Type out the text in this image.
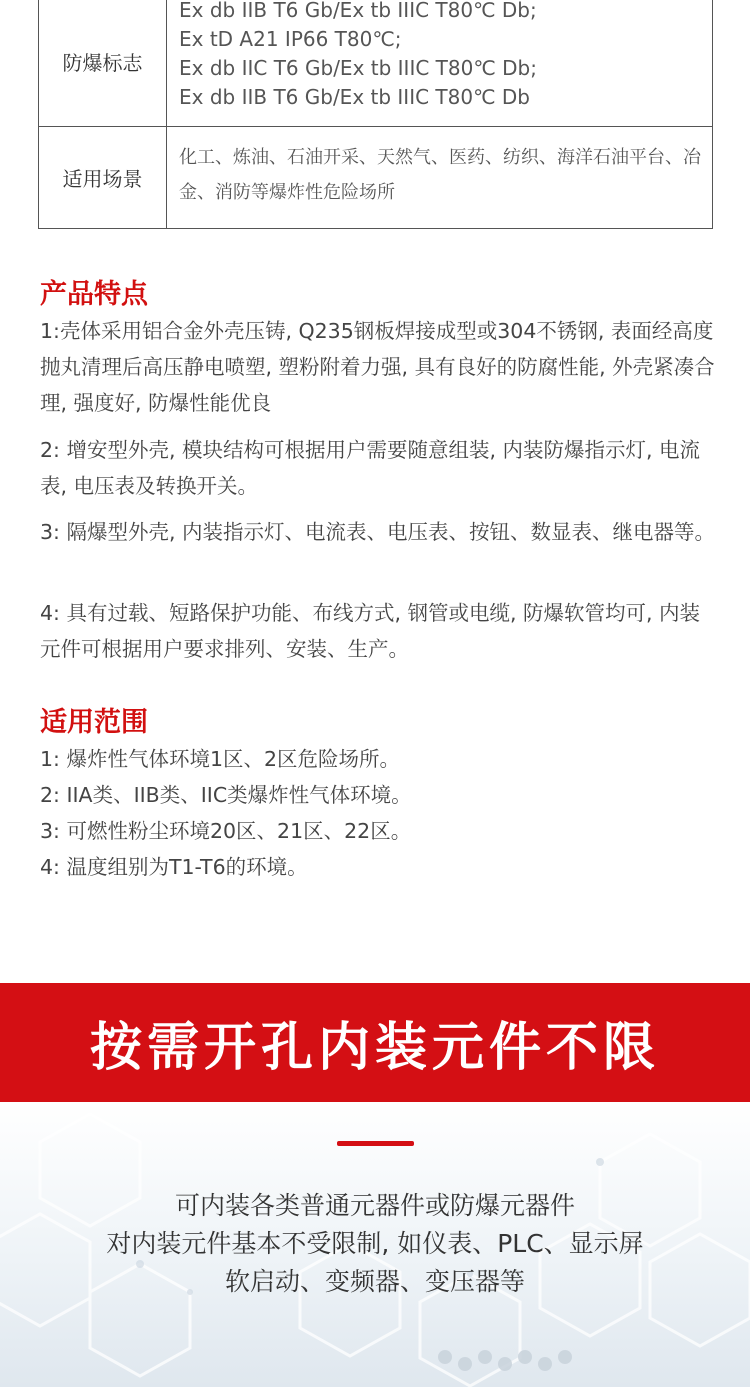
防爆标志
Ex db IIB T6 Gb/Ex tb IIIC T80℃ Db;
Ex tD A21 IP66 T80℃;
Ex db IIC T6 Gb/Ex tb IIIC T80℃ Db;
Ex db IIB T6 Gb/Ex tb IIIC T80℃ Db
适用场景
化工、炼油、石油开采、天然气、医药、纺织、海洋石油平台、冶金、消防等爆炸性危险场所
产品特点
1:壳体采用铝合金外壳压铸, Q235钢板焊接成型或304不锈钢, 表面经高度抛丸清理后高压静电喷塑, 塑粉附着力强, 具有良好的防腐性能, 外壳紧凑合理, 强度好, 防爆性能优良
2: 增安型外壳, 模块结构可根据用户需要随意组装, 内装防爆指示灯, 电流表, 电压表及转换开关。
3: 隔爆型外壳, 内装指示灯、电流表、电压表、按钮、数显表、继电器等。
4: 具有过载、短路保护功能、布线方式, 钢管或电缆, 防爆软管均可, 内装元件可根据用户要求排列、安装、生产。
适用范围
1: 爆炸性气体环境1区、2区危险场所。
2: IIA类、IIB类、IIC类爆炸性气体环境。
3: 可燃性粉尘环境20区、21区、22区。
4: 温度组别为T1-T6的环境。
按需开孔内装元件不限
可内装各类普通元器件或防爆元器件
对内装元件基本不受限制, 如仪表、PLC、显示屏
软启动、变频器、变压器等
